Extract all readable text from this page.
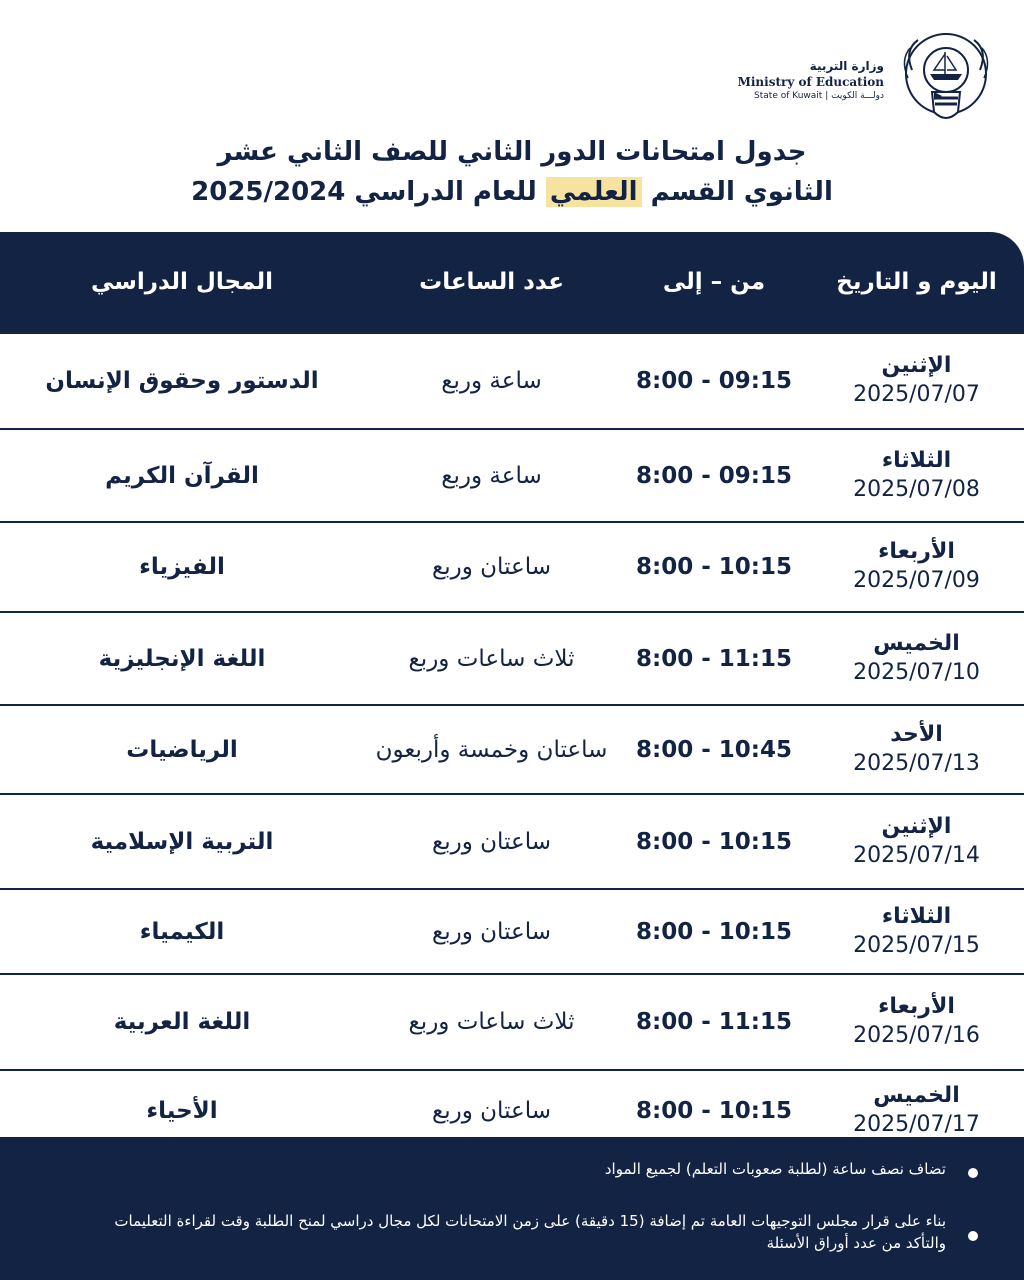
وزارة التربية
Ministry of Education
State of Kuwait | دولـــة الكويت
جدول امتحانات الدور الثاني للصف الثاني عشر
الثانوي القسم العلمي للعام الدراسي 2025/2024
اليوم و التاريخ
من – إلى
عدد الساعات
المجال الدراسي
الإثنين
2025/07/07
8:00 - 09:15
ساعة وربع
الدستور وحقوق الإنسان
الثلاثاء
2025/07/08
8:00 - 09:15
ساعة وربع
القرآن الكريم
الأربعاء
2025/07/09
8:00 - 10:15
ساعتان وربع
الفيزياء
الخميس
2025/07/10
8:00 - 11:15
ثلاث ساعات وربع
اللغة الإنجليزية
الأحد
2025/07/13
8:00 - 10:45
ساعتان وخمسة وأربعون
الرياضيات
الإثنين
2025/07/14
8:00 - 10:15
ساعتان وربع
التربية الإسلامية
الثلاثاء
2025/07/15
8:00 - 10:15
ساعتان وربع
الكيمياء
الأربعاء
2025/07/16
8:00 - 11:15
ثلاث ساعات وربع
اللغة العربية
الخميس
2025/07/17
8:00 - 10:15
ساعتان وربع
الأحياء
تضاف نصف ساعة (لطلبة صعوبات التعلم) لجميع المواد
بناء على قرار مجلس التوجيهات العامة تم إضافة (15 دقيقة) على زمن الامتحانات لكل مجال دراسي لمنح الطلبة وقت لقراءة التعليمات والتأكد من عدد أوراق الأسئلة
